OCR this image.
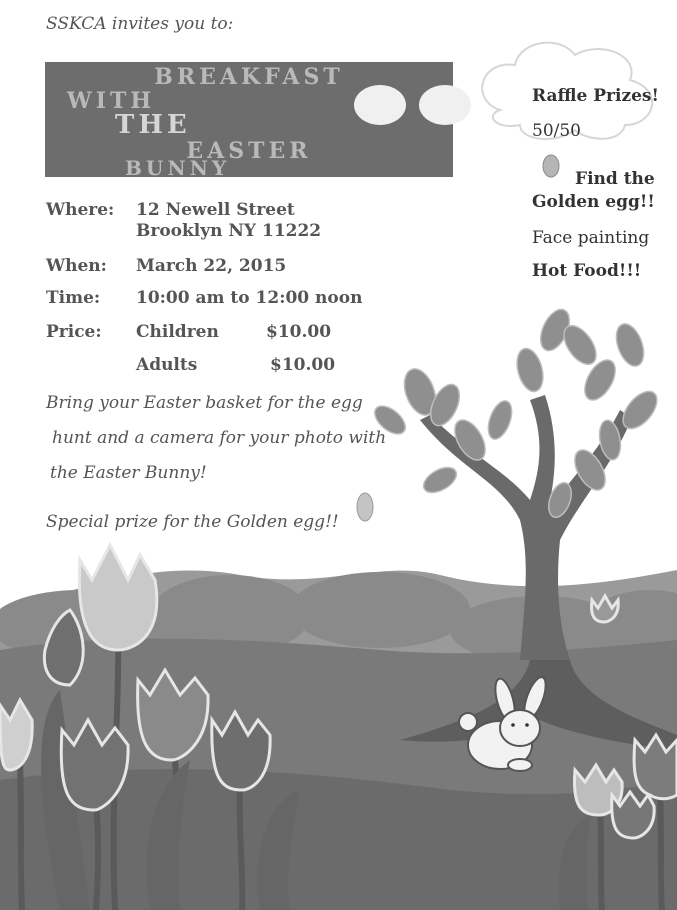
SSKCA invites you to:
BREAKFAST
WITH
THE
EASTER
BUNNY
Where: 12 Newell Street
Brooklyn NY 11222
When: March 22, 2015
Time: 10:00 am to 12:00 noon
Price: Children	$10.00
Adults	$10.00
Bring your Easter basket for the egg
hunt and a camera for your photo with
the Easter Bunny!
Special prize for the Golden egg!!
Raffle Prizes!
50/50
Find the
Golden egg!!
Face painting
Hot Food!!!
